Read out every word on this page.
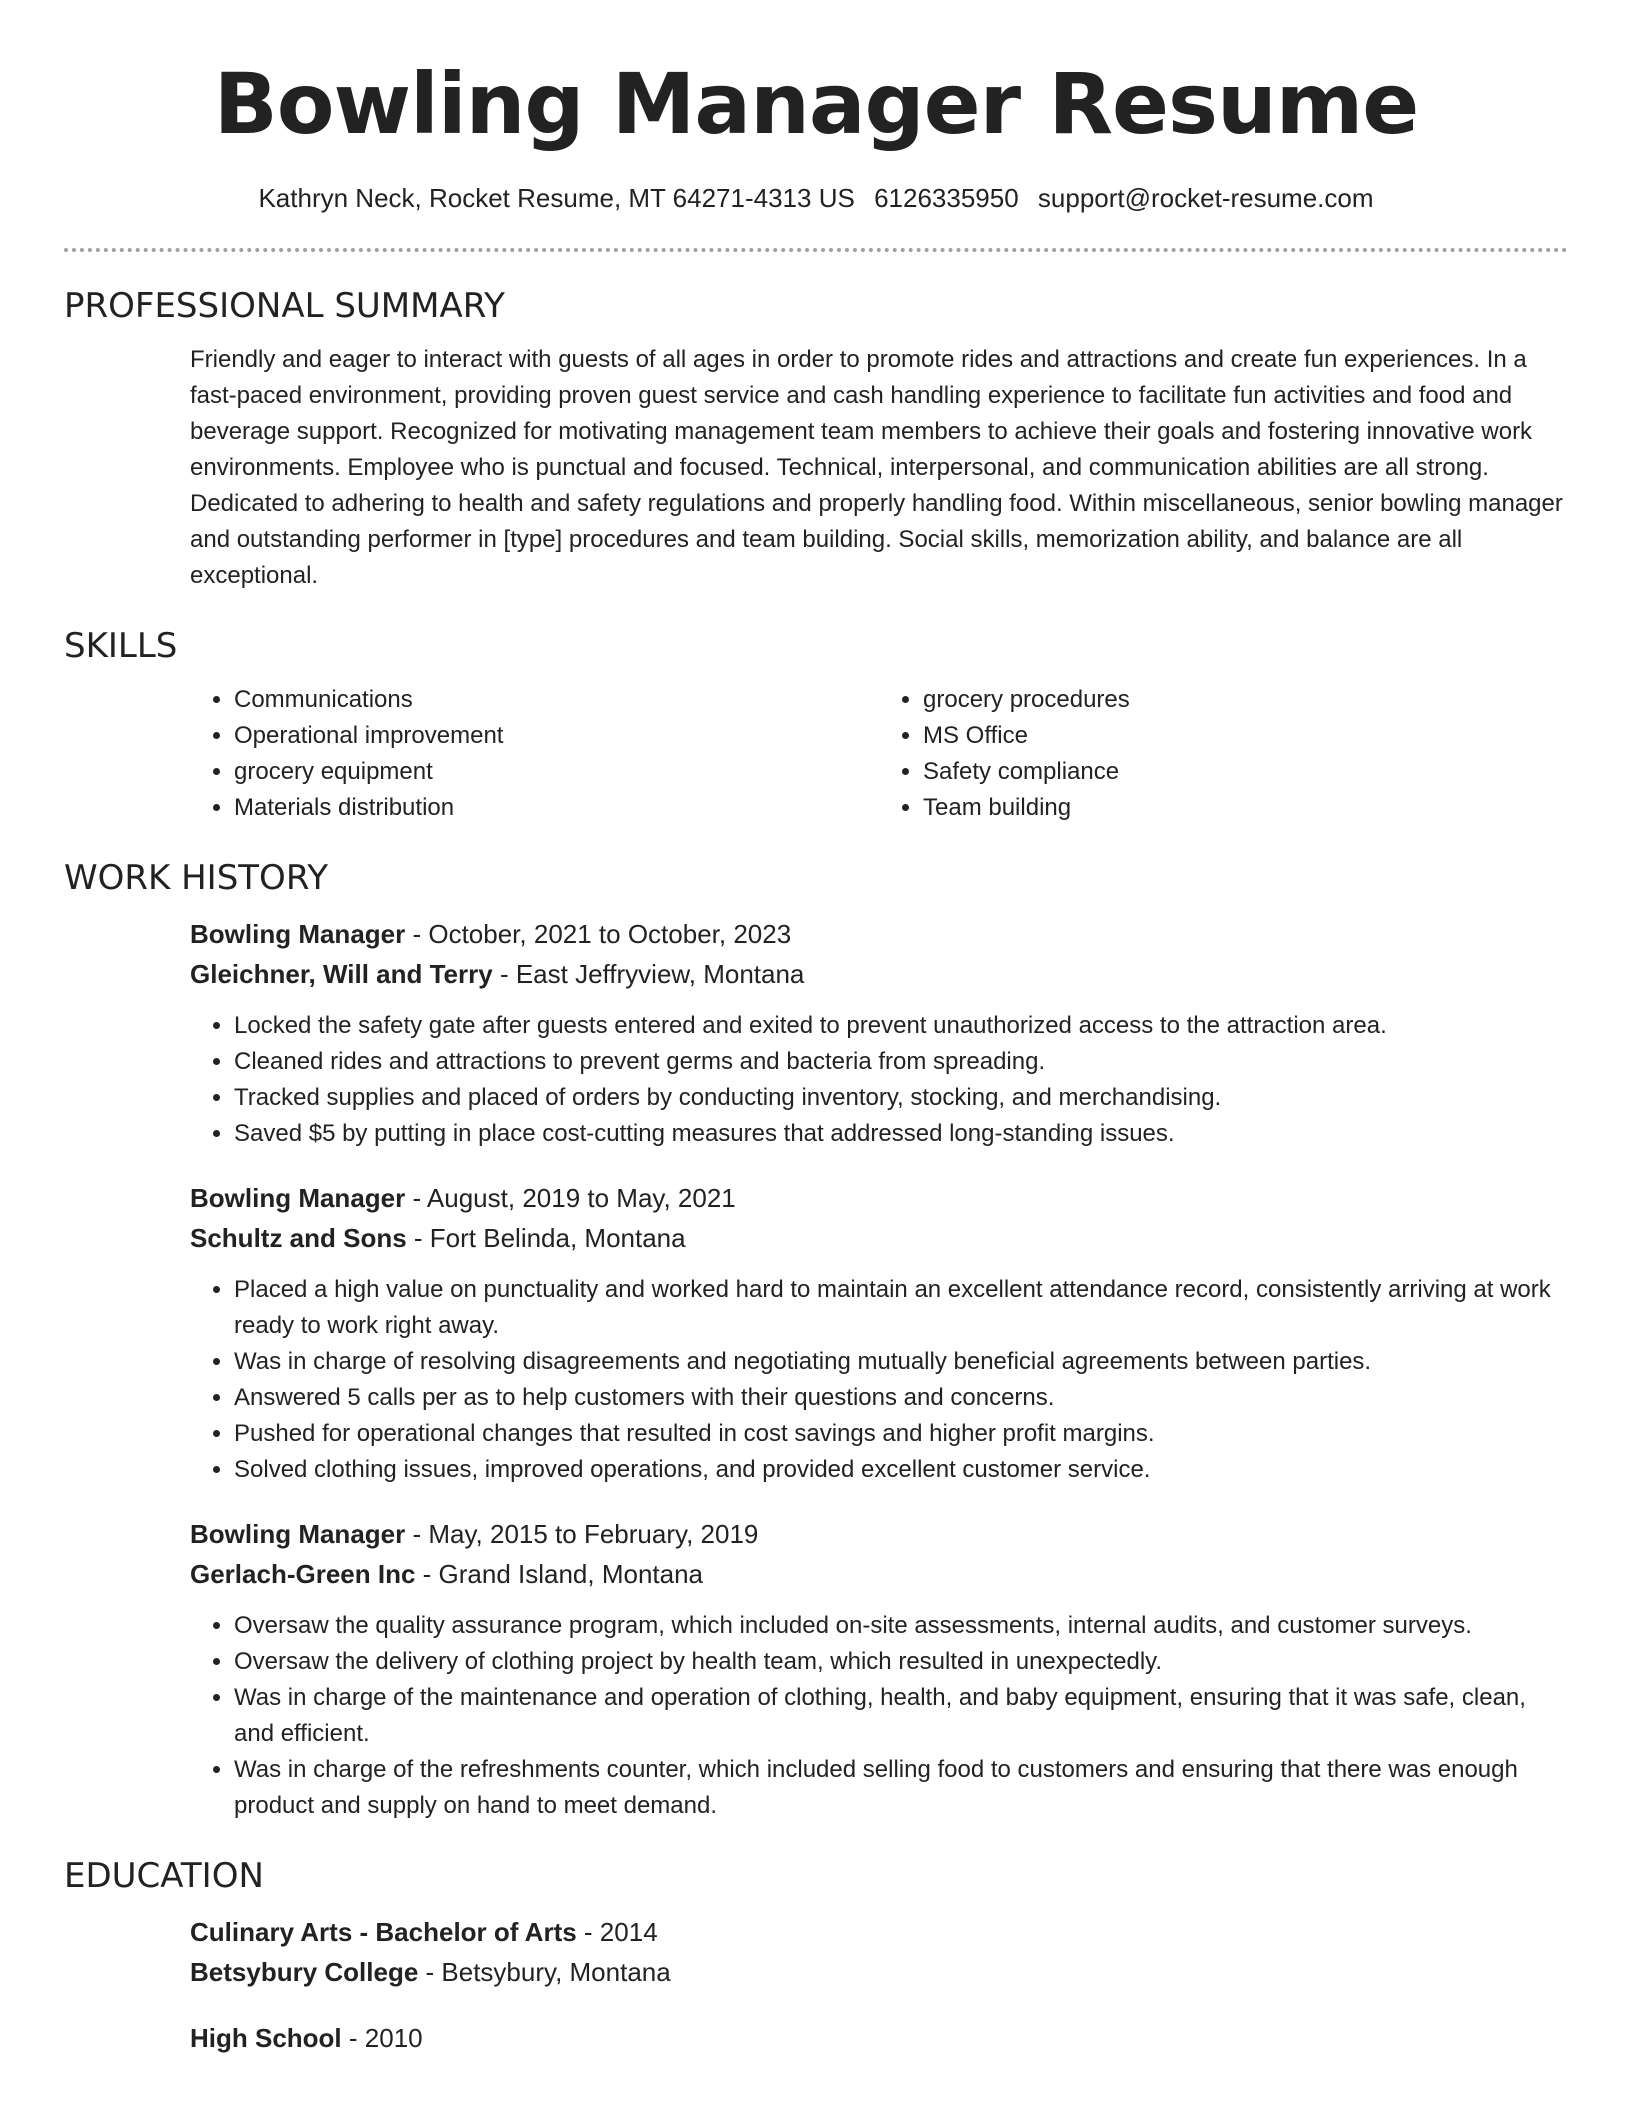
Bowling Manager Resume
Kathryn Neck, Rocket Resume, MT 64271-4313 US 6126335950 support@rocket-resume.com
PROFESSIONAL SUMMARY

Friendly and eager to interact with guests of all ages in order to promote rides and attractions and create fun experiences. In a fast-paced environment, providing proven guest service and cash handling experience to facilitate fun activities and food and beverage support. Recognized for motivating management team members to achieve their goals and fostering innovative work environments. Employee who is punctual and focused. Technical, interpersonal, and communication abilities are all strong. Dedicated to adhering to health and safety regulations and properly handling food. Within miscellaneous, senior bowling manager and outstanding performer in [type] procedures and team building. Social skills, memorization ability, and balance are all exceptional.

SKILLS
• Communications
• Operational improvement
• grocery equipment
• Materials distribution
• grocery procedures
• MS Office
• Safety compliance
• Team building
WORK HISTORY
Bowling Manager - October, 2021 to October, 2023
Gleichner, Will and Terry - East Jeffryview, Montana
• Locked the safety gate after guests entered and exited to prevent unauthorized access to the attraction area.
• Cleaned rides and attractions to prevent germs and bacteria from spreading.
• Tracked supplies and placed of orders by conducting inventory, stocking, and merchandising.
• Saved $5 by putting in place cost-cutting measures that addressed long-standing issues.
Bowling Manager - August, 2019 to May, 2021
Schultz and Sons - Fort Belinda, Montana
• Placed a high value on punctuality and worked hard to maintain an excellent attendance record, consistently arriving at work ready to work right away.
• Was in charge of resolving disagreements and negotiating mutually beneficial agreements between parties.
• Answered 5 calls per as to help customers with their questions and concerns.
• Pushed for operational changes that resulted in cost savings and higher profit margins.
• Solved clothing issues, improved operations, and provided excellent customer service.
Bowling Manager - May, 2015 to February, 2019
Gerlach-Green Inc - Grand Island, Montana
• Oversaw the quality assurance program, which included on-site assessments, internal audits, and customer surveys.
• Oversaw the delivery of clothing project by health team, which resulted in unexpectedly.
• Was in charge of the maintenance and operation of clothing, health, and baby equipment, ensuring that it was safe, clean, and efficient.
• Was in charge of the refreshments counter, which included selling food to customers and ensuring that there was enough product and supply on hand to meet demand.
EDUCATION
Culinary Arts - Bachelor of Arts - 2014
Betsybury College - Betsybury, Montana
High School - 2010
